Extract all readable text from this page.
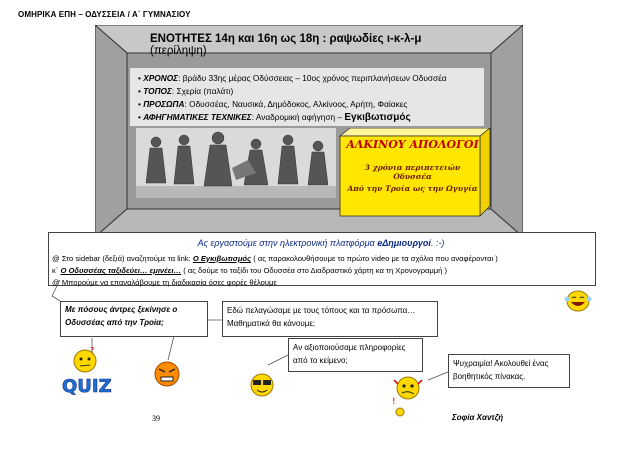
ΟΜΗΡΙΚΑ ΕΠΗ – ΟΔΥΣΣΕΙΑ / Α΄ ΓΥΜΝΑΣΙΟΥ
ΕΝΟΤΗΤΕΣ 14η και 16η ως 18η : ραψωδίες ι-κ-λ-μ (περίληψη)
• ΧΡΟΝΟΣ: βράδυ 33ης μέρας Οδύσσειας – 10ος χρόνος περιπλανήσεων Οδυσσέα
• ΤΟΠΟΣ: Σχερία (παλάτι)
• ΠΡΟΣΩΠΑ: Οδυσσέας, Ναυσικά, Δημόδοκος, Αλκίνοος, Αρήτη, Φαίακες
• ΑΦΗΓΗΜΑΤΙΚΕΣ ΤΕΧΝΙΚΕΣ: Αναδρομική αφήγηση – Εγκιβωτισμός
ΑΛΚΙΝΟΥ ΑΠΟΛΟΓΟΙ
3 χρόνια περιπετειών Οδυσσέα
Από την Τροία ως την Ωγυγία
Ας εργαστούμε στην ηλεκτρονική πλατφόρμα eΔημιουργοί. :-)
@ Στο sidebar (δεξιά) αναζητούμε τα link: Ο Εγκιβωτισμός ( ας παρακολουθήσουμε το πρώτο video με τα σχόλια που αναφέρονται )
κ΄ Ο Οδυσσέας ταξιδεύει… εμινέει… ( ας δούμε το ταξίδι του Οδυσσέα στο Διαδραστικό χάρτη κα τη Χρονογραμμή )
@ Μπορούμε να επαναλάβουμε τη διαδικασία όσες φορές θέλουμε
Με πόσους άντρες ξεκίνησε ο Οδυσσέας από την Τροία;
Εδώ πελαγώσαμε με τους τόπους και τα πρόσωπα… Μαθηματικά θα κάνουμε;
Αν αξιοποιούσαμε πληροφορίες από το κείμενο;	Ψυχραιμία! Ακολουθεί ένας βοηθητικός πίνακας.
?
QUIZ
!
39	Σοφία Χαντζή
